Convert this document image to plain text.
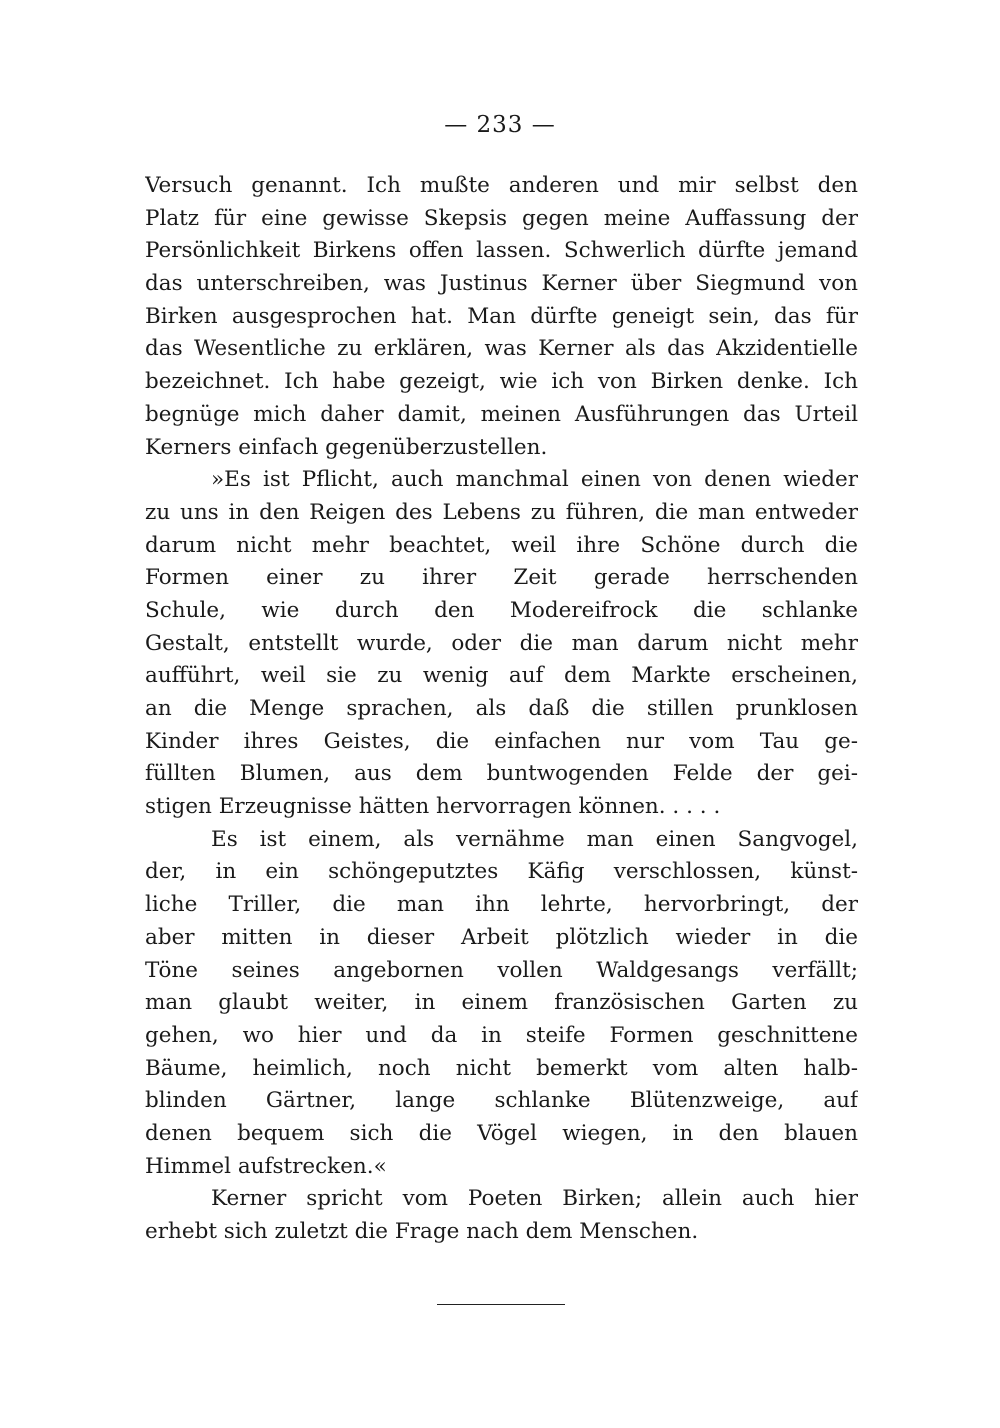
— 233 —
Versuch genannt. Ich mußte anderen und mir selbst den
Platz für eine gewisse Skepsis gegen meine Auffassung der
Persönlichkeit Birkens offen lassen. Schwerlich dürfte jemand
das unterschreiben, was Justinus Kerner über Siegmund von
Birken ausgesprochen hat. Man dürfte geneigt sein, das für
das Wesentliche zu erklären, was Kerner als das Akzidentielle
bezeichnet. Ich habe gezeigt, wie ich von Birken denke. Ich
begnüge mich daher damit, meinen Ausführungen das Urteil
Kerners einfach gegenüberzustellen.
»Es ist Pflicht, auch manchmal einen von denen wieder
zu uns in den Reigen des Lebens zu führen, die man entweder
darum nicht mehr beachtet, weil ihre Schöne durch die
Formen einer zu ihrer Zeit gerade herrschenden
Schule, wie durch den Modereifrock die schlanke
Gestalt, entstellt wurde, oder die man darum nicht mehr
aufführt, weil sie zu wenig auf dem Markte erscheinen,
an die Menge sprachen, als daß die stillen prunklosen
Kinder ihres Geistes, die einfachen nur vom Tau ge-
füllten Blumen, aus dem buntwogenden Felde der gei-
stigen Erzeugnisse hätten hervorragen können. . . . .
Es ist einem, als vernähme man einen Sangvogel,
der, in ein schöngeputztes Käfig verschlossen, künst-
liche Triller, die man ihn lehrte, hervorbringt, der
aber mitten in dieser Arbeit plötzlich wieder in die
Töne seines angebornen vollen Waldgesangs verfällt;
man glaubt weiter, in einem französischen Garten zu
gehen, wo hier und da in steife Formen geschnittene
Bäume, heimlich, noch nicht bemerkt vom alten halb-
blinden Gärtner, lange schlanke Blütenzweige, auf
denen bequem sich die Vögel wiegen, in den blauen
Himmel aufstrecken.«
Kerner spricht vom Poeten Birken; allein auch hier
erhebt sich zuletzt die Frage nach dem Menschen.
